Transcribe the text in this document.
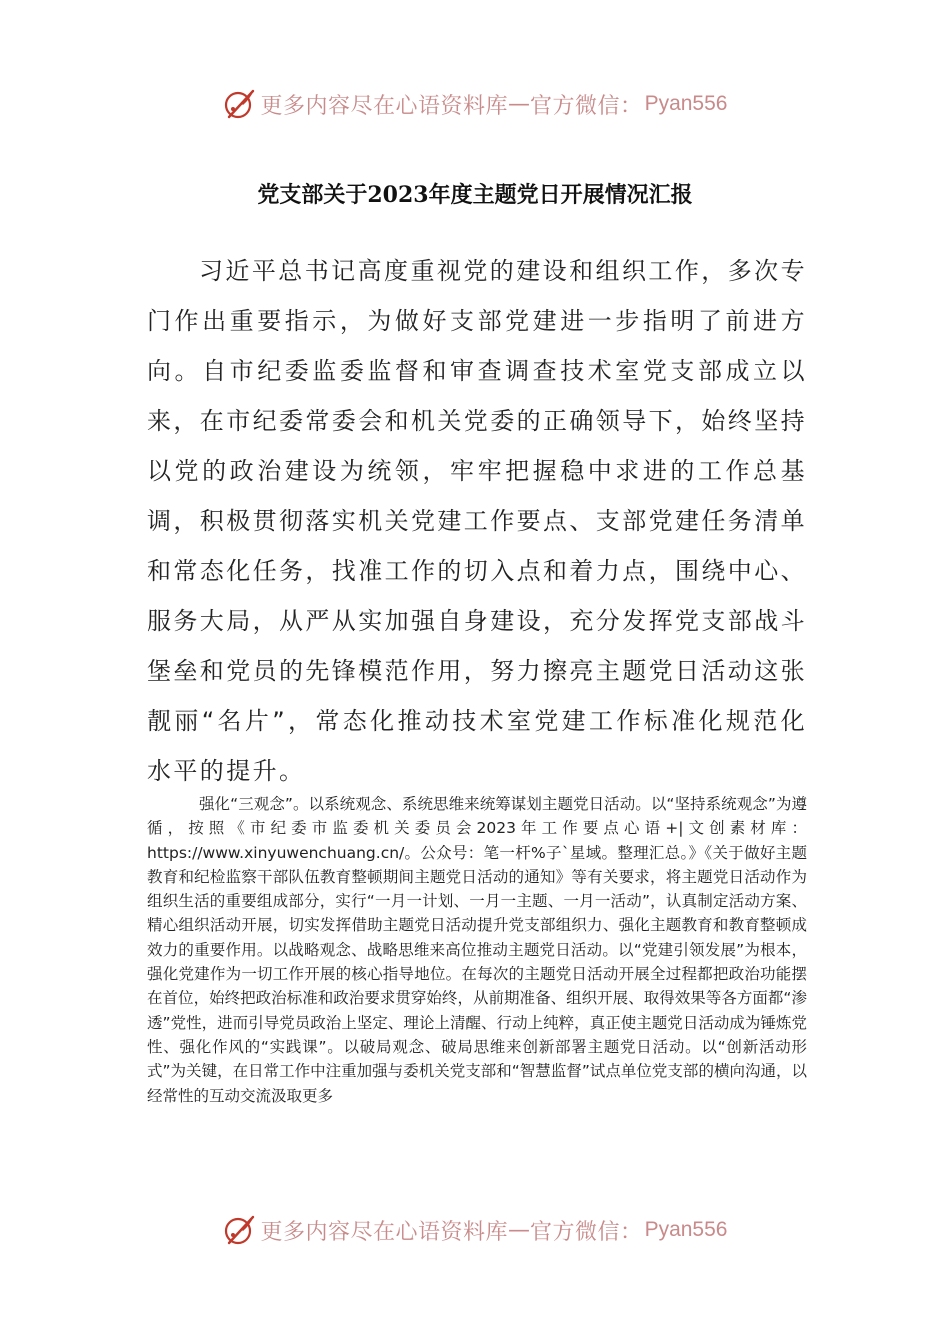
更多内容尽在心语资料库 — 官方微信： Pyan556
党支部关于2023年度主题党日开展情况汇报

习近平总书记高度重视党的建设和组织工作，多次专门作出重要指示，为做好支部党建进一步指明了前进方向。自市纪委监委监督和审查调查技术室党支部成立以来，在市纪委常委会和机关党委的正确领导下，始终坚持以党的政治建设为统领，牢牢把握稳中求进的工作总基调，积极贯彻落实机关党建工作要点、支部党建任务清单和常态化任务，找准工作的切入点和着力点，围绕中心、服务大局，从严从实加强自身建设，充分发挥党支部战斗堡垒和党员的先锋模范作用，努力擦亮主题党日活动这张靓丽“名片”，常态化推动技术室党建工作标准化规范化水平的提升。

强化“三观念”。以系统观念、系统思维来统筹谋划主题党日活动。以“坚持系统观念”为遵循，按照《市纪委市监委机关委员会2023年工作要点心语+|文创素材库：https://www.xinyuwenchuang.cn/。公众号：笔一杆%子`星域。整理汇总。》《关于做好主题教育和纪检监察干部队伍教育整顿期间主题党日活动的通知》等有关要求，将主题党日活动作为组织生活的重要组成部分，实行“一月一计划、一月一主题、一月一活动”，认真制定活动方案、精心组织活动开展，切实发挥借助主题党日活动提升党支部组织力、强化主题教育和教育整顿成效力的重要作用。以战略观念、战略思维来高位推动主题党日活动。以“党建引领发展”为根本，强化党建作为一切工作开展的核心指导地位。在每次的主题党日活动开展全过程都把政治功能摆在首位，始终把政治标准和政治要求贯穿始终，从前期准备、组织开展、取得效果等各方面都“渗透”党性，进而引导党员政治上坚定、理论上清醒、行动上纯粹，真正使主题党日活动成为锤炼党性、强化作风的“实践课”。以破局观念、破局思维来创新部署主题党日活动。以“创新活动形式”为关键，在日常工作中注重加强与委机关党支部和“智慧监督”试点单位党支部的横向沟通，以经常性的互动交流汲取更多

更多内容尽在心语资料库 — 官方微信： Pyan556
